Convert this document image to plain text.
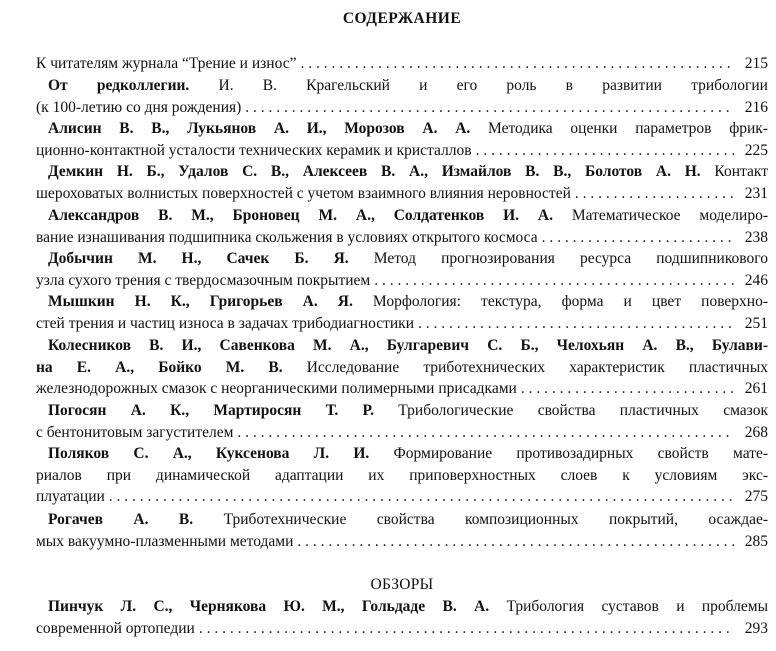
СОДЕРЖАНИЕ
К читателям журнала “Трение и износ” . . .	215
От редколлегии. И. В. Крагельский и его роль в развитии трибологии
(к 100-летию со дня рождения) . . .	216
Алисин В. В., Лукьянов А. И., Морозов А. А. Методика оценки параметров фрик-
ционно-контактной усталости технических керамик и кристаллов . . .	225
Демкин Н. Б., Удалов С. В., Алексеев В. А., Измайлов В. В., Болотов А. Н. Контакт
шероховатых волнистых поверхностей с учетом взаимного влияния неровностей . . .	231
Александров В. М., Броновец М. А., Солдатенков И. А. Математическое моделиро-
вание изнашивания подшипника скольжения в условиях открытого космоса . . .	238
Добычин М. Н., Сачек Б. Я. Метод прогнозирования ресурса подшипникового
узла сухого трения с твердосмазочным покрытием . . .	246
Мышкин Н. К., Григорьев А. Я. Морфология: текстура, форма и цвет поверхно-
стей трения и частиц износа в задачах трибодиагностики . . .	251
Колесников В. И., Савенкова М. А., Булгаревич С. Б., Челохьян А. В., Булави-
на Е. А., Бойко М. В. Исследование триботехнических характеристик пластичных
железнодорожных смазок с неорганическими полимерными присадками . . .	261
Погосян А. К., Мартиросян Т. Р. Трибологические свойства пластичных смазок
с бентонитовым загустителем . . .	268
Поляков С. А., Куксенова Л. И. Формирование противозадирных свойств мате-
риалов при динамической адаптации их приповерхностных слоев к условиям экс-
плуатации . . .	275
Рогачев А. В. Триботехнические свойства композиционных покрытий, осаждае-
мых вакуумно-плазменными методами . . .	285
ОБЗОРЫ
Пинчук Л. С., Чернякова Ю. М., Гольдаде В. А. Трибология суставов и проблемы
современной ортопедии . . .	293
